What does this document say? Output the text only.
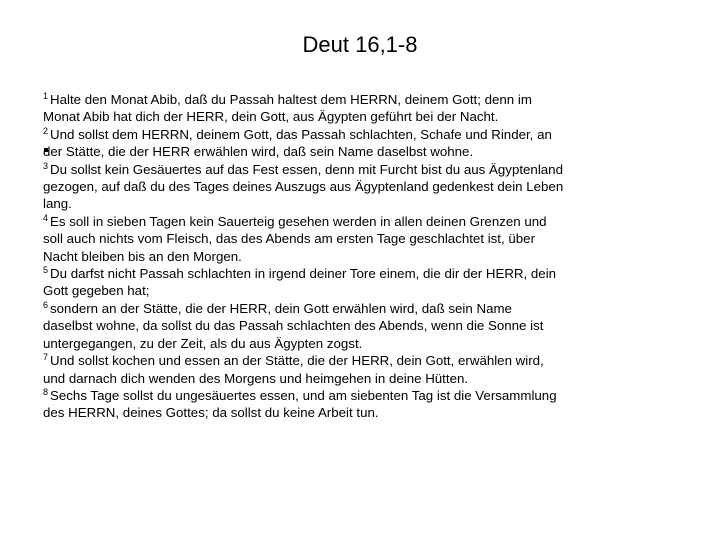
Deut 16,1-8
$^1$ Halte den Monat Abib, daß du Passah haltest dem HERRN, deinem Gott; denn im
Monat Abib hat dich der HERR, dein Gott, aus Ägypten geführt bei der Nacht.
$^2$ Und sollst dem HERRN, deinem Gott, das Passah schlachten, Schafe und Rinder, an
der Stätte, die der HERR erwählen wird, daß sein Name daselbst wohne.
$^3$ Du sollst kein Gesäuertes auf das Fest essen, denn mit Furcht bist du aus Ägyptenland
gezogen, auf daß du des Tages deines Auszugs aus Ägyptenland gedenkest dein Leben
lang.
$^4$ Es soll in sieben Tagen kein Sauerteig gesehen werden in allen deinen Grenzen und
soll auch nichts vom Fleisch, das des Abends am ersten Tage geschlachtet ist, über
Nacht bleiben bis an den Morgen.
$^5$ Du darfst nicht Passah schlachten in irgend deiner Tore einem, die dir der HERR, dein
Gott gegeben hat;
$^6$ sondern an der Stätte, die der HERR, dein Gott erwählen wird, daß sein Name
daselbst wohne, da sollst du das Passah schlachten des Abends, wenn die Sonne ist
untergegangen, zu der Zeit, als du aus Ägypten zogst.
$^7$ Und sollst kochen und essen an der Stätte, die der HERR, dein Gott, erwählen wird,
und darnach dich wenden des Morgens und heimgehen in deine Hütten.
$^8$ Sechs Tage sollst du ungesäuertes essen, und am siebenten Tag ist die Versammlung
des HERRN, deines Gottes; da sollst du keine Arbeit tun.
